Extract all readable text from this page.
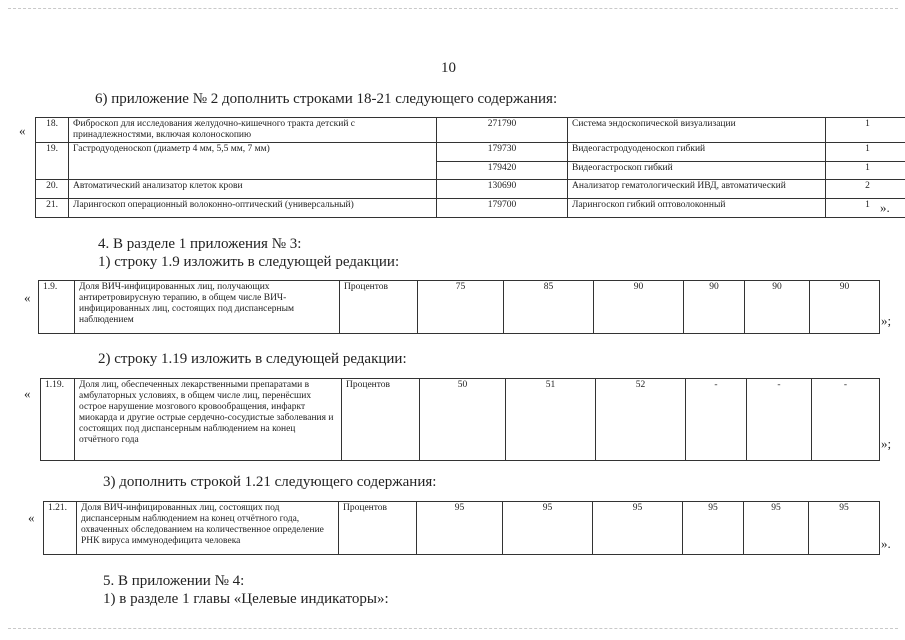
10
6) приложение № 2 дополнить строками 18-21 следующего содержания:
« 18.	Фиброскоп для исследования желудочно-кишечного тракта детский с принадлежностями, включая колоноскопию	271790	Система эндоскопической визуализации	1
19.	Гастродуоденоскоп (диаметр 4 мм, 5,5 мм, 7 мм)	179730	Видеогастродуоденоскоп гибкий	1
		179420	Видеогастроскоп гибкий	1
20.	Автоматический анализатор клеток крови	130690	Анализатор гематологический ИВД, автоматический	2
21.	Ларингоскоп операционный волоконно-оптический (универсальный)	179700	Ларингоскоп гибкий оптоволоконный	1 ».
4. В разделе 1 приложения № 3:
1) строку 1.9 изложить в следующей редакции:
«
1.9.	Доля ВИЧ-инфицированных лиц, получающих антиретровирусную терапию, в общем числе ВИЧ-инфицированных лиц, состоящих под диспансерным наблюдением	Процентов	75	85	90	90	90	90
»;
2) строку 1.19 изложить в следующей редакции:
«
1.19.	Доля лиц, обеспеченных лекарственными препаратами в амбулаторных условиях, в общем числе лиц, перенёсших острое нарушение мозгового кровообращения, инфаркт миокарда и другие острые сердечно-сосудистые заболевания и состоящих под диспансерным наблюдением на конец отчётного года	Процентов	50	51	52	-	-	-
»;
3) дополнить строкой 1.21 следующего содержания:
«
1.21.	Доля ВИЧ-инфицированных лиц, состоящих под диспансерным наблюдением на конец отчётного года, охваченных обследованием на количественное определение РНК вируса иммунодефицита человека	Процентов	95	95	95	95	95	95
».
5. В приложении № 4:
1) в разделе 1 главы «Целевые индикаторы»:
